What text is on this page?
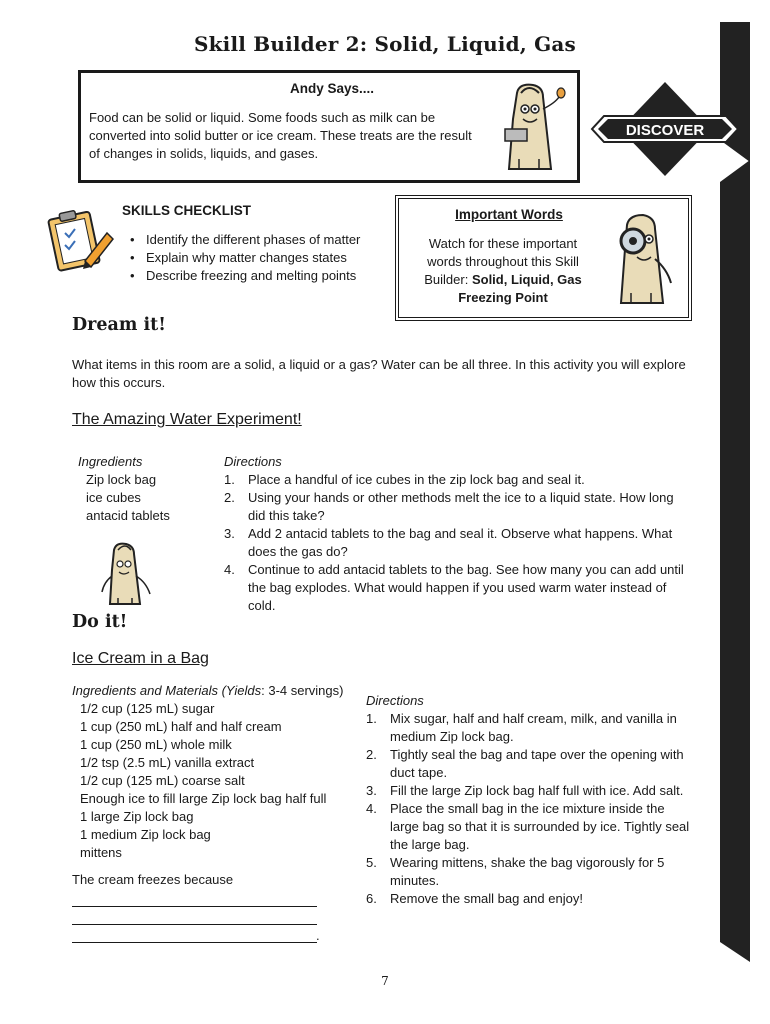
Skill Builder 2: Solid, Liquid, Gas
Andy Says....
Food can be solid or liquid. Some foods such as milk can be converted into solid butter or ice cream. These treats are the result of changes in solids, liquids, and gases.
DISCOVER
SKILLS CHECKLIST
• Identify the different phases of matter
• Explain why matter changes states
• Describe freezing and melting points
Important Words
Watch for these important words throughout this Skill Builder: Solid, Liquid, Gas
Freezing Point
Dream it!
What items in this room are a solid, a liquid or a gas? Water can be all three. In this activity you will explore how this occurs.
The Amazing Water Experiment!
Ingredients
Zip lock bag
ice cubes
antacid tablets
Directions
1. Place a handful of ice cubes in the zip lock bag and seal it.
2. Using your hands or other methods melt the ice to a liquid state. How long did this take?
3. Add 2 antacid tablets to the bag and seal it. Observe what happens. What does the gas do?
4. Continue to add antacid tablets to the bag. See how many you can add until the bag explodes. What would happen if you used warm water instead of cold.
Do it!
Ice Cream in a Bag
Ingredients and Materials (Yields: 3-4 servings)
1/2 cup (125 mL) sugar
1 cup (250 mL) half and half cream
1 cup (250 mL) whole milk
1/2 tsp (2.5 mL) vanilla extract
1/2 cup (125 mL) coarse salt
Enough ice to fill large Zip lock bag half full
1 large Zip lock bag
1 medium Zip lock bag
mittens
The cream freezes because
.
Directions
1. Mix sugar, half and half cream, milk, and vanilla in medium Zip lock bag.
2. Tightly seal the bag and tape over the opening with duct tape.
3. Fill the large Zip lock bag half full with ice. Add salt.
4. Place the small bag in the ice mixture inside the large bag so that it is surrounded by ice. Tightly seal the large bag.
5. Wearing mittens, shake the bag vigorously for 5 minutes.
6. Remove the small bag and enjoy!
7
